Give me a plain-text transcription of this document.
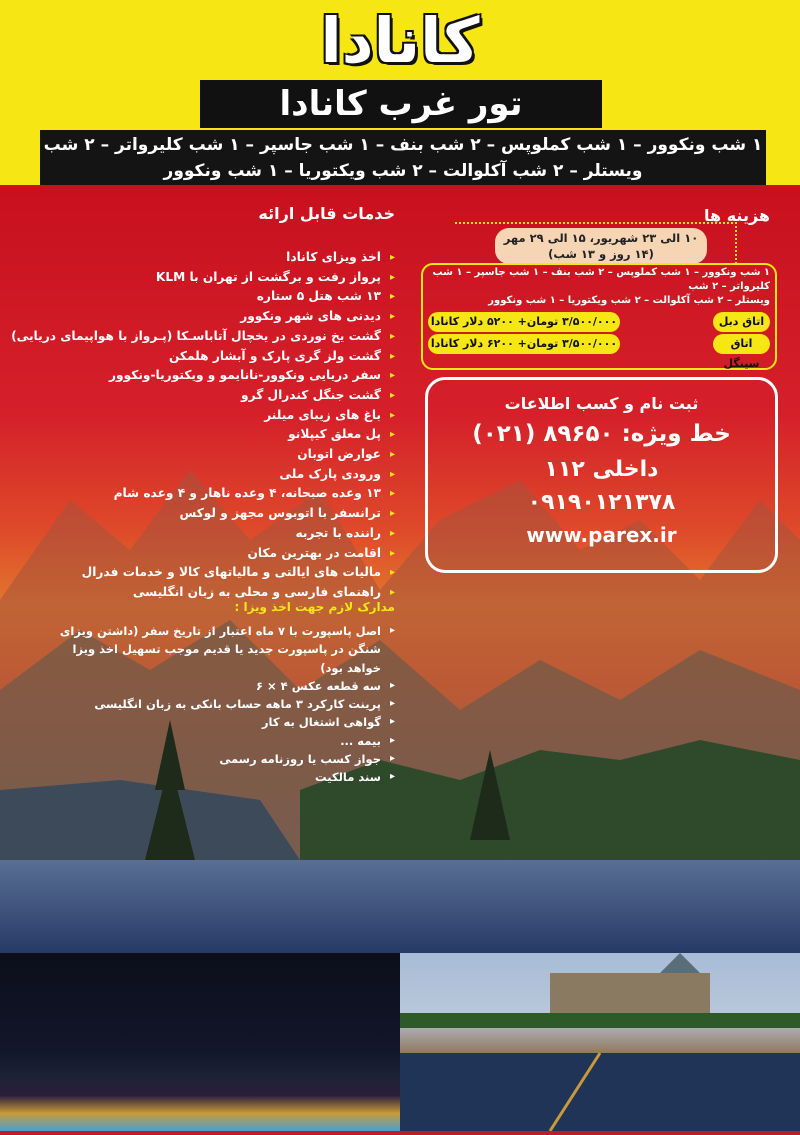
کانادا
تور غرب کانادا
۱ شب ونکوور – ۱ شب کملوپس – ۲ شب بنف – ۱ شب جاسپر – ۱ شب کلیرواتر – ۲ شب
ویستلر – ۲ شب آکلوالت – ۲ شب ویکتوریا – ۱ شب ونکوور
خدمات قابل ارائه
▸ اخذ ویزای کانادا
▸ پرواز رفت و برگشت از تهران با KLM
▸ ۱۳ شب هتل ۵ ستاره
▸ دیدنی های شهر ونکوور
▸ گشت یخ نوردی در یخچال آتاباسـکا (پـرواز با هواپیمای دریایی)
▸ گشت ولز گری پارک و آبشار هلمکن
▸ سفر دریایی ونکوور-نانایمو و ویکتوریا-ونکوور
▸ گشت جنگل کندرال گرو
▸ باغ های زیبای میلنر
▸ پل معلق کیپلانو
▸ عوارض اتوبان
▸ ورودی پارک ملی
▸ ۱۳ وعده صبحانه، ۴ وعده ناهار و ۴ وعده شام
▸ ترانسفر با اتوبوس مجهز و لوکس
▸ راننده با تجربه
▸ اقامت در بهترین مکان
▸ مالیات های ایالتی و مالیاتهای کالا و خدمات فدرال
▸ راهنمای فارسی و محلی به زبان انگلیسی
مدارک لازم جهت اخذ ویزا :
▸ اصل پاسپورت با ۷ ماه اعتبار از تاریخ سفر (داشتن ویزای شنگن در پاسپورت جدید یا قدیم موجب تسهیل اخذ ویزا خواهد بود)
▸ سه قطعه عکس ۴ × ۶
▸ پرینت کارکرد ۳ ماهه حساب بانکی به زبان انگلیسی
▸ گواهی اشتغال به کار
▸ بیمه ...
▸ جواز کسب یا روزنامه رسمی
▸ سند مالکیت
هزینه ها
۱۰ الی ۲۳ شهریور، ۱۵ الی ۲۹ مهر
(۱۴ روز و ۱۳ شب)
۱ شب ونکوور – ۱ شب کملوپس – ۲ شب بنف – ۱ شب جاسپر – ۱ شب کلیرواتر – ۲ شب
ویستلر – ۲ شب آکلوالت – ۲ شب ویکتوریا – ۱ شب ونکوور
اتاق دبل
۳/۵۰۰/۰۰۰ تومان+ ۵۲۰۰ دلار کانادا
اتاق سینگل
۳/۵۰۰/۰۰۰ تومان+ ۶۲۰۰ دلار کانادا
ثبت نام و کسب اطلاعات
خط ویژه: ۸۹۶۵۰ (۰۲۱)
داخلی ۱۱۲
۰۹۱۹۰۱۲۱۳۷۸
www.parex.ir
